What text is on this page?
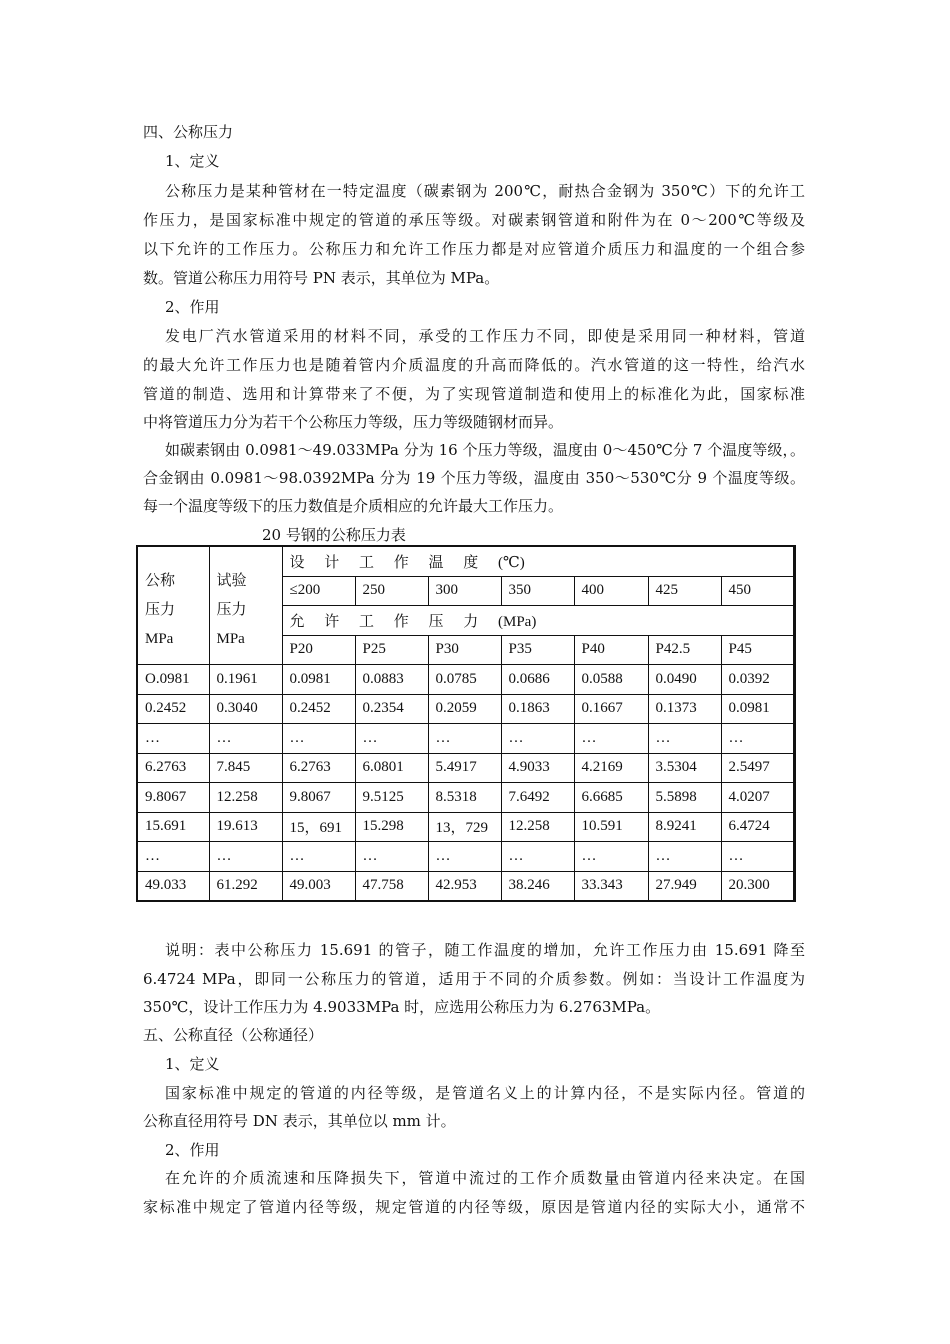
四、公称压力
1、定义
公称压力是某种管材在一特定温度（碳素钢为 200℃，耐热合金钢为 350℃）下的允许工
作压力，是国家标准中规定的管道的承压等级。对碳素钢管道和附件为在 0～200℃等级及
以下允许的工作压力。公称压力和允许工作压力都是对应管道介质压力和温度的一个组合参
数。管道公称压力用符号 PN 表示，其单位为 MPa。
2、作用
发电厂汽水管道采用的材料不同，承受的工作压力不同，即使是采用同一种材料，管道
的最大允许工作压力也是随着管内介质温度的升高而降低的。汽水管道的这一特性，给汽水
管道的制造、选用和计算带来了不便，为了实现管道制造和使用上的标准化为此，国家标准
中将管道压力分为若干个公称压力等级，压力等级随钢材而异。
如碳素钢由 0.0981～49.033MPa 分为 16 个压力等级，温度由 0～450℃分 7 个温度等级，。
合金钢由 0.0981～98.0392MPa 分为 19 个压力等级，温度由 350～530℃分 9 个温度等级。
每一个温度等级下的压力数值是介质相应的允许最大工作压力。
20 号钢的公称压力表
公称
压力
MPa	试验
压力
MPa	设 计 工 作 温 度 (℃)						
		≤200	250	300	350	400	425	450
		允 许 工 作 压 力 (MPa)						
		P20	P25	P30	P35	P40	P42.5	P45
O.0981	0.1961	0.0981	0.0883	0.0785	0.0686	0.0588	0.0490	0.0392
0.2452	0.3040	0.2452	0.2354	0.2059	0.1863	0.1667	0.1373	0.0981
…	…	…	…	…	…	…	…	…
6.2763	7.845	6.2763	6.0801	5.4917	4.9033	4.2169	3.5304	2.5497
9.8067	12.258	9.8067	9.5125	8.5318	7.6492	6.6685	5.5898	4.0207
15.691	19.613	15，691	15.298	13，729	12.258	10.591	8.9241	6.4724
…	…	…	…	…	…	…	…	…
49.033	61.292	49.003	47.758	42.953	38.246	33.343	27.949	20.300
说明：表中公称压力 15.691 的管子，随工作温度的增加，允许工作压力由 15.691 降至
6.4724 MPa，即同一公称压力的管道，适用于不同的介质参数。例如：当设计工作温度为
350℃，设计工作压力为 4.9033MPa 时，应选用公称压力为 6.2763MPa。
五、公称直径（公称通径）
1、定义
国家标准中规定的管道的内径等级，是管道名义上的计算内径，不是实际内径。管道的
公称直径用符号 DN 表示，其单位以 mm 计。
2、作用
在允许的介质流速和压降损失下，管道中流过的工作介质数量由管道内径来决定。在国
家标准中规定了管道内径等级，规定管道的内径等级，原因是管道内径的实际大小，通常不
